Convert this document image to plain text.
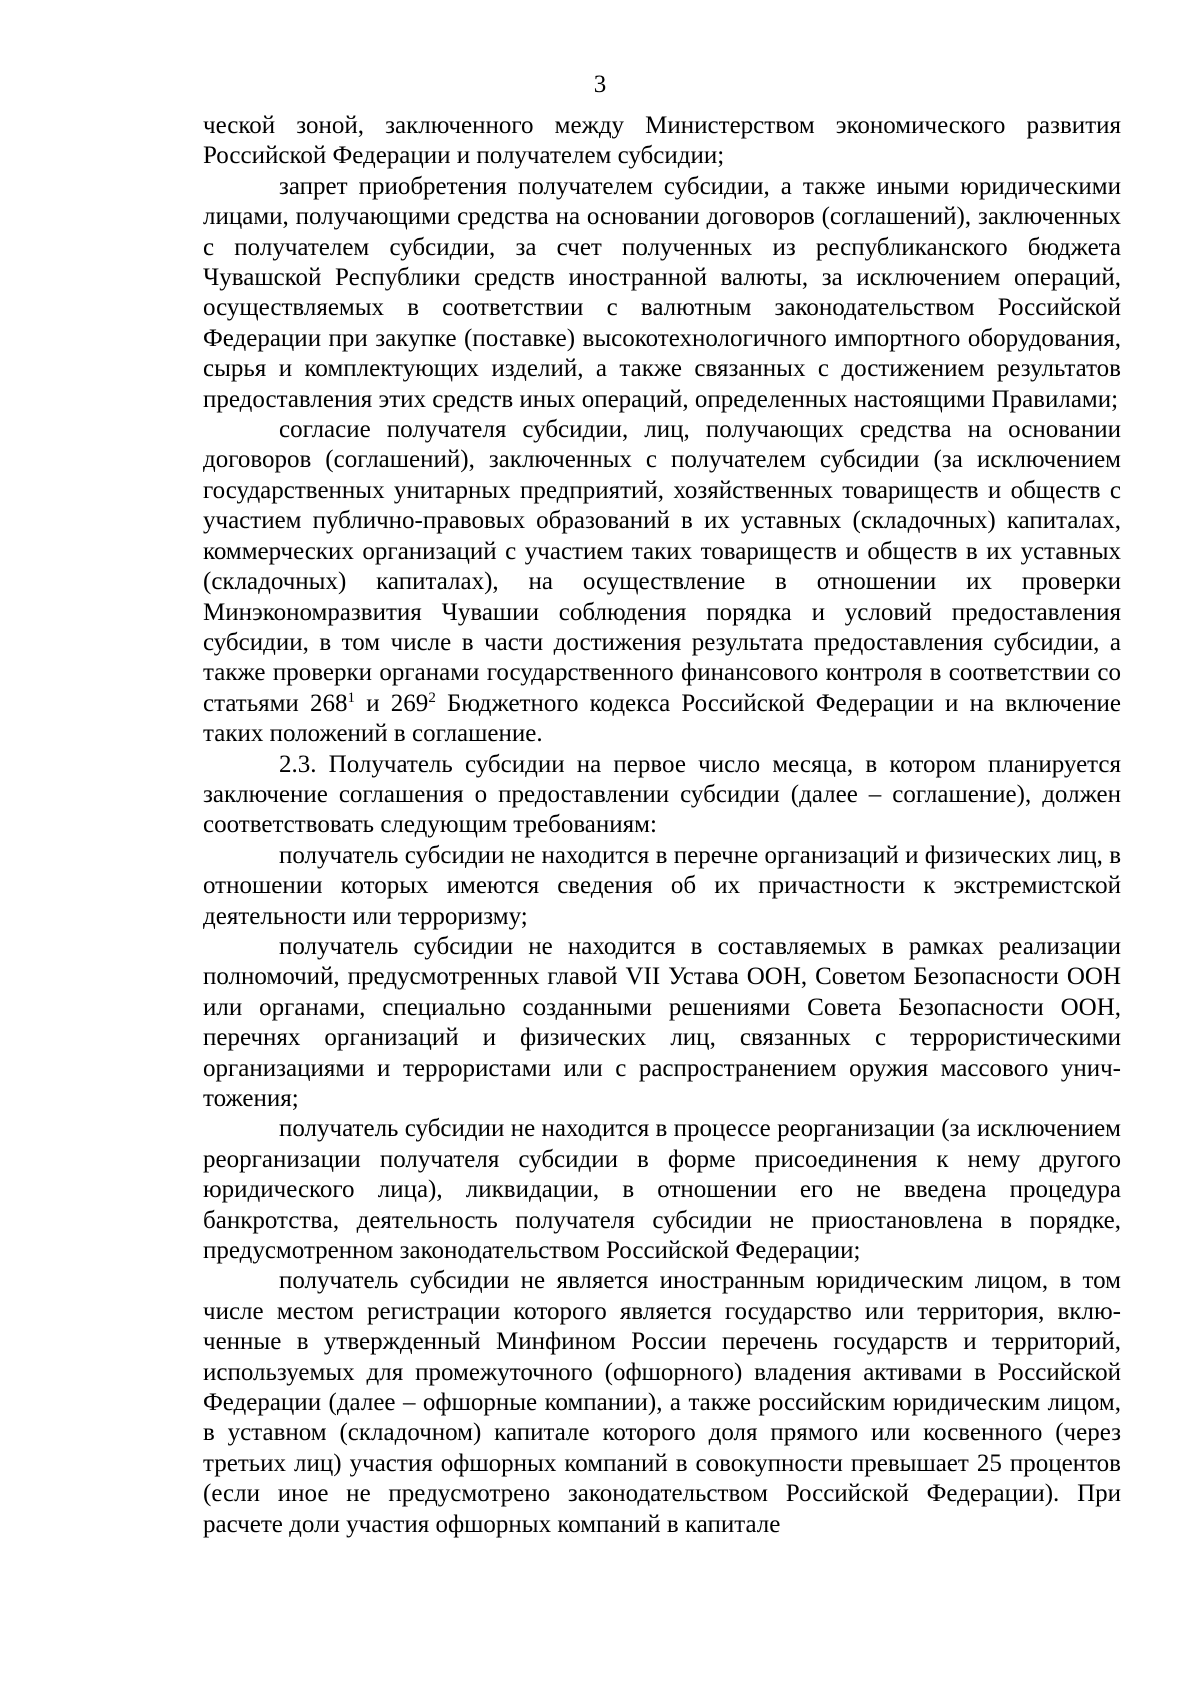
3

ческой зоной, заключенного между Министерством экономического развития Российской Федерации и получателем субсидии;

запрет приобретения получателем субсидии, а также иными юридическими лицами, получающими средства на основании договоров (соглашений), заключенных с получателем субсидии, за счет полученных из республиканского бюджета Чувашской Республики средств иностранной валюты, за исключением операций, осуществляемых в соответствии с валютным законодательством Российской Федерации при закупке (поставке) высокотехнологичного импортного оборудования, сырья и комплектующих изделий, а также связанных с достижением результатов предоставления этих средств иных операций, определенных настоящими Правилами;

согласие получателя субсидии, лиц, получающих средства на основании договоров (соглашений), заключенных с получателем субсидии (за исключением государственных унитарных предприятий, хозяйственных товариществ и обществ с участием публично-правовых образований в их уставных (складочных) капиталах, коммерческих организаций с участием таких товариществ и обществ в их уставных (складочных) капиталах), на осуществление в отношении их проверки Минэкономразвития Чувашии соблюдения порядка и условий предоставления субсидии, в том числе в части достижения результата предоставления субсидии, а также проверки органами государственного финансового контроля в соответствии со статьями $268^1$ и $269^2$ Бюджетного кодекса Российской Федерации и на включение таких положений в соглашение.

2.3. Получатель субсидии на первое число месяца, в котором планируется заключение соглашения о предоставлении субсидии (далее – соглашение), должен соответствовать следующим требованиям:

получатель субсидии не находится в перечне организаций и физических лиц, в отношении которых имеются сведения об их причастности к экстремистской деятельности или терроризму;

получатель субсидии не находится в составляемых в рамках реализации полномочий, предусмотренных главой VII Устава ООН, Советом Безопасности ООН или органами, специально созданными решениями Совета Безопасности ООН, перечнях организаций и физических лиц, связанных с террористическими организациями и террористами или с распространением оружия массового уничтожения;

получатель субсидии не находится в процессе реорганизации (за исключением реорганизации получателя субсидии в форме присоединения к нему другого юридического лица), ликвидации, в отношении его не введена процедура банкротства, деятельность получателя субсидии не приостановлена в порядке, предусмотренном законодательством Российской Федерации;

получатель субсидии не является иностранным юридическим лицом, в том числе местом регистрации которого является государство или территория, включенные в утвержденный Минфином России перечень государств и территорий, используемых для промежуточного (офшорного) владения активами в Российской Федерации (далее – офшорные компании), а также российским юридическим лицом, в уставном (складочном) капитале которого доля прямого или косвенного (через третьих лиц) участия офшорных компаний в совокупности превышает 25 процентов (если иное не предусмотрено законодательством Российской Федерации). При расчете доли участия офшорных компаний в капитале
